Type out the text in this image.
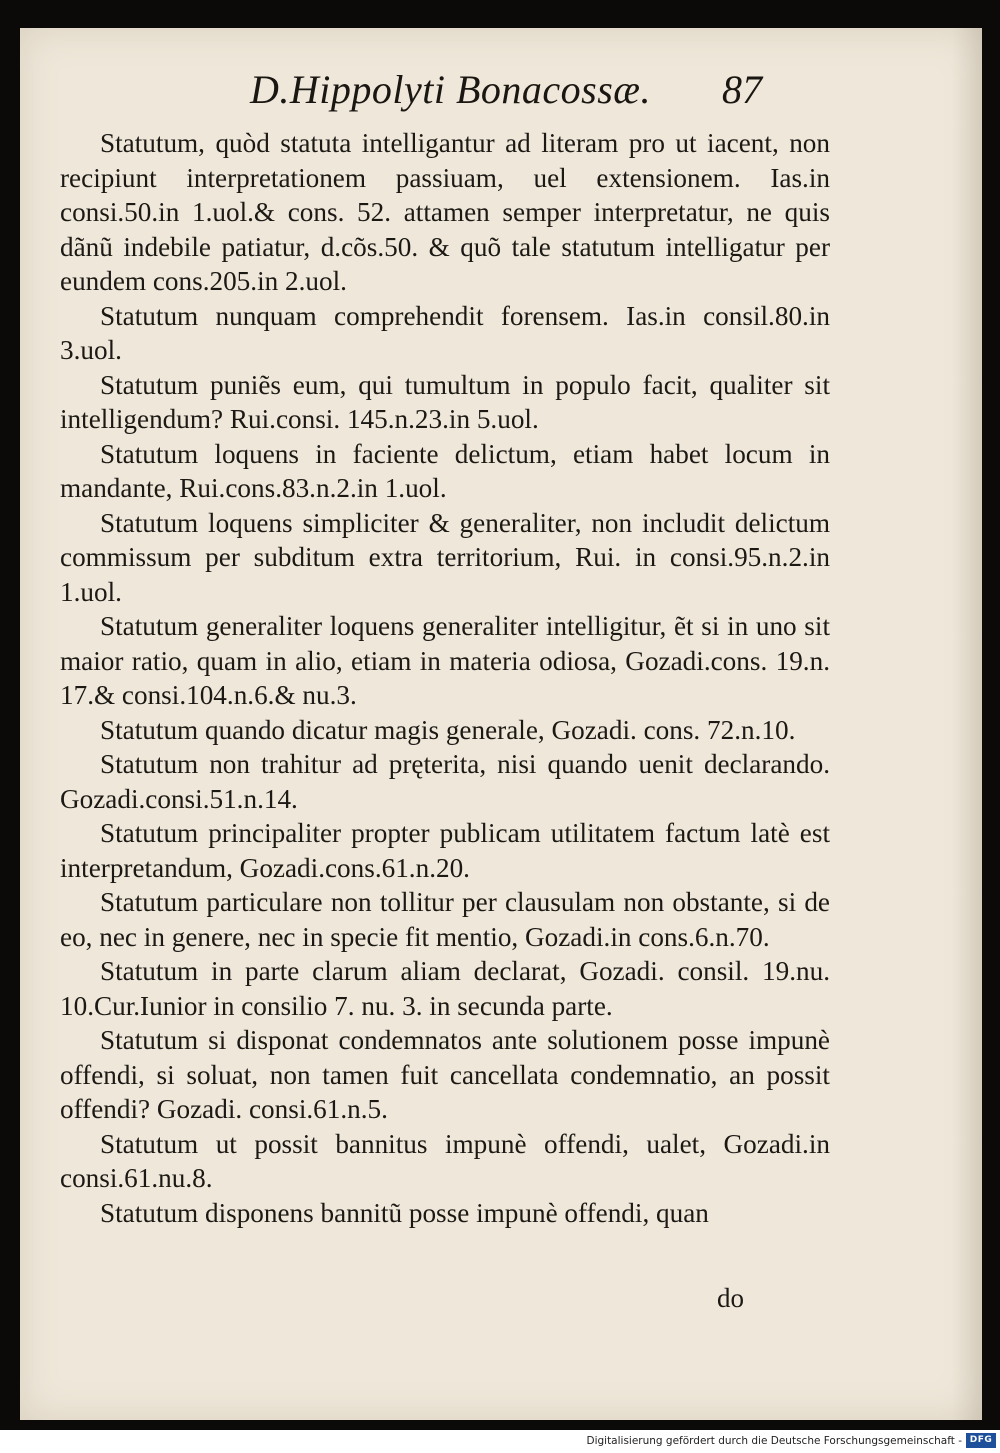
D.Hippolyti Bonacossæ. 87

Statutum, quòd statuta intelligantur ad literam pro ut iacent, non recipiunt interpretationem passiuam, uel extensionem. Ias.in consi.50.in 1.uol.& cons. 52. attamen semper interpretatur, ne quis dãnũ indebile patiatur, d.cõs.50. & quõ tale statutum intelligatur per eundem cons.205.in 2.uol.

Statutum nunquam comprehendit forensem. Ias.in consil.80.in 3.uol.

Statutum puniẽs eum, qui tumultum in populo facit, qualiter sit intelligendum? Rui.consi. 145.n.23.in 5.uol.

Statutum loquens in faciente delictum, etiam habet locum in mandante, Rui.cons.83.n.2.in 1.uol.

Statutum loquens simpliciter & generaliter, non includit delictum commissum per subditum extra territorium, Rui. in consi.95.n.2.in 1.uol.

Statutum generaliter loquens generaliter intelligitur, ẽt si in uno sit maior ratio, quam in alio, etiam in materia odiosa, Gozadi.cons. 19.n. 17.& consi.104.n.6.& nu.3.

Statutum quando dicatur magis generale, Gozadi. cons. 72.n.10.

Statutum non trahitur ad pręterita, nisi quando uenit declarando. Gozadi.consi.51.n.14.

Statutum principaliter propter publicam utilitatem factum latè est interpretandum, Gozadi.cons.61.n.20.

Statutum particulare non tollitur per clausulam non obstante, si de eo, nec in genere, nec in specie fit mentio, Gozadi.in cons.6.n.70.

Statutum in parte clarum aliam declarat, Gozadi. consil. 19.nu. 10.Cur.Iunior in consilio 7. nu. 3. in secunda parte.

Statutum si disponat condemnatos ante solutionem posse impunè offendi, si soluat, non tamen fuit cancellata condemnatio, an possit offendi? Gozadi. consi.61.n.5.

Statutum ut possit bannitus impunè offendi, ualet, Gozadi.in consi.61.nu.8.

Statutum disponens bannitũ posse impunè offendi, quan

do
Digitalisierung gefördert durch die Deutsche Forschungsgemeinschaft - DFG
